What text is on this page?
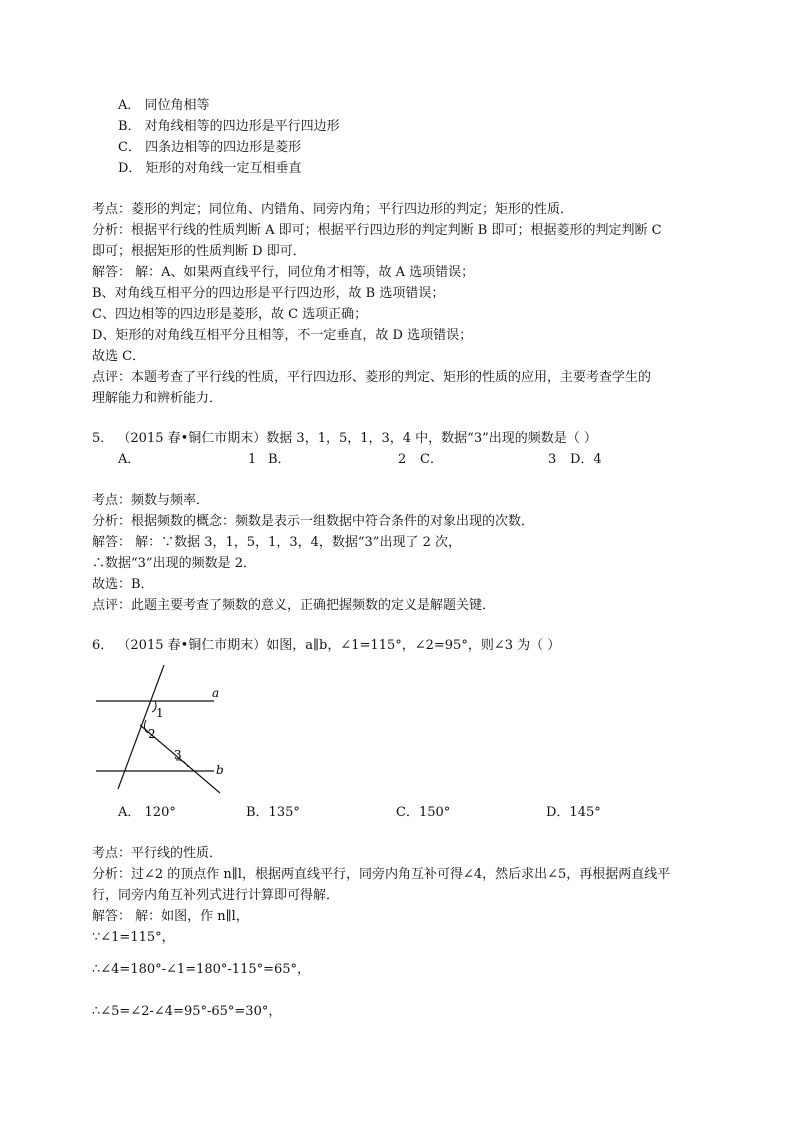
A． 同位角相等
B． 对角线相等的四边形是平行四边形
C． 四条边相等的四边形是菱形
D． 矩形的对角线一定互相垂直
考点：菱形的判定；同位角、内错角、同旁内角；平行四边形的判定；矩形的性质．
分析：根据平行线的性质判断 A 即可；根据平行四边形的判定判断 B 即可；根据菱形的判定判断 C
即可；根据矩形的性质判断 D 即可．
解答： 解：A、如果两直线平行，同位角才相等，故 A 选项错误；
B、对角线互相平分的四边形是平行四边形，故 B 选项错误；
C、四边相等的四边形是菱形，故 C 选项正确；
D、矩形的对角线互相平分且相等，不一定垂直，故 D 选项错误；
故选 C．
点评：本题考查了平行线的性质，平行四边形、菱形的判定、矩形的性质的应用，主要考查学生的
理解能力和辨析能力．
5． （2015 春•铜仁市期末）数据 3，1，5，1，3，4 中，数据“3”出现的频数是（ ）
A．	1 B．	2 C．	3 D．4
考点：频数与频率．
分析：根据频数的概念：频数是表示一组数据中符合条件的对象出现的次数．
解答： 解：∵数据 3，1，5，1，3，4，数据“3”出现了 2 次，
∴数据“3”出现的频数是 2．
故选：B．
点评：此题主要考查了频数的意义，正确把握频数的定义是解题关键．
6． （2015 春•铜仁市期末）如图，a∥b，∠1=115°，∠2=95°，则∠3 为（ ）
a
b
1
2
3
A． 120°	B．135°	C．150°	D．145°
考点：平行线的性质．
分析：过∠2 的顶点作 n∥l，根据两直线平行，同旁内角互补可得∠4，然后求出∠5，再根据两直线平
行，同旁内角互补列式进行计算即可得解．
解答： 解：如图，作 n∥l，
∵∠1=115°，
∴∠4=180°-∠1=180°-115°=65°，
∴∠5=∠2-∠4=95°-65°=30°，
